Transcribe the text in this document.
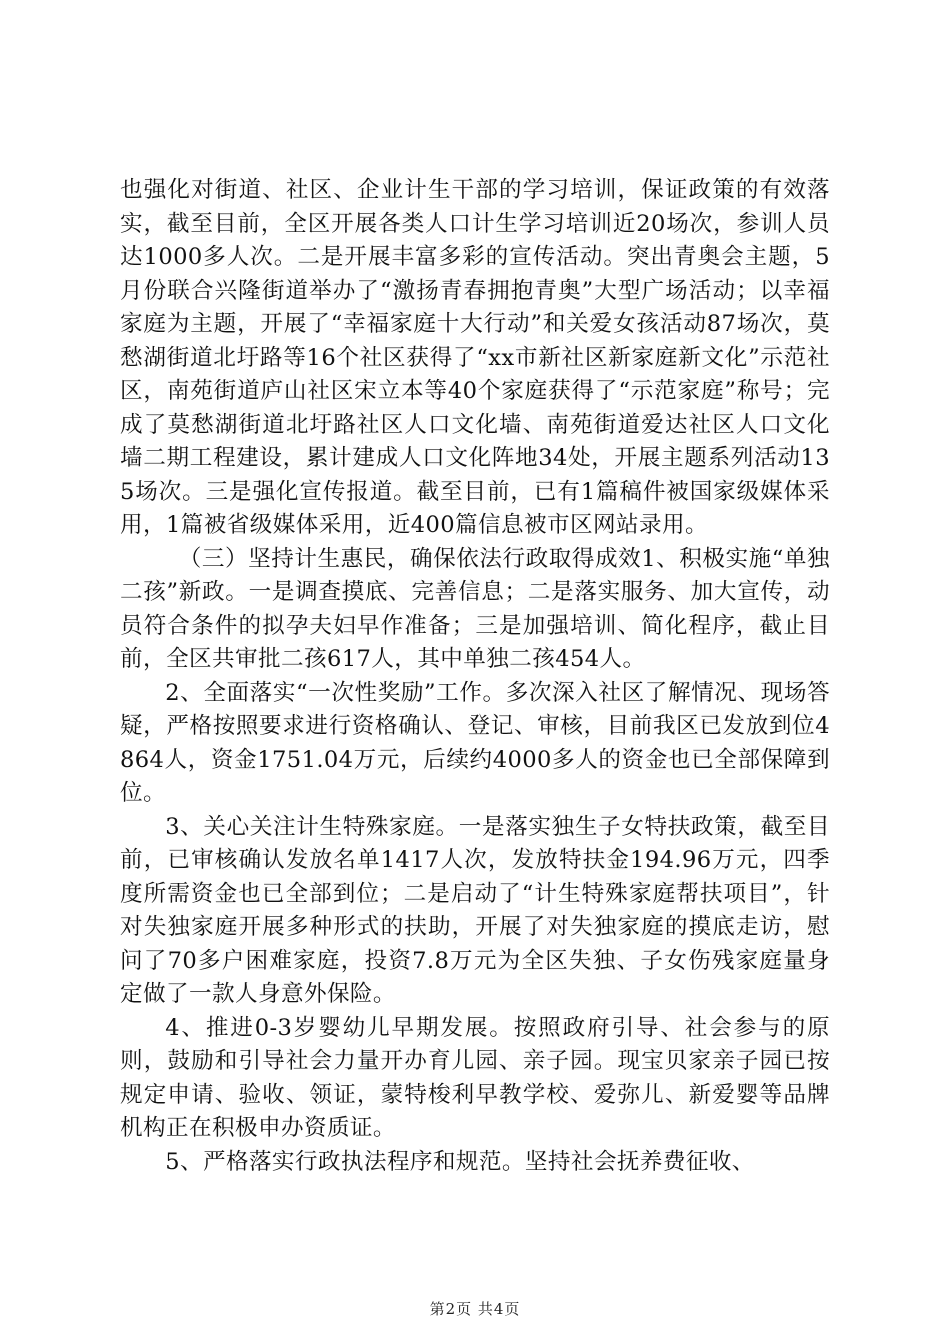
也强化对街道、社区、企业计生干部的学习培训，保证政策的有效落实，截至目前，全区开展各类人口计生学习培训近20场次，参训人员达1000多人次。二是开展丰富多彩的宣传活动。突出青奥会主题，5月份联合兴隆街道举办了“激扬青春拥抱青奥”大型广场活动；以幸福家庭为主题，开展了“幸福家庭十大行动”和关爱女孩活动87场次，莫愁湖街道北圩路等16个社区获得了“xx市新社区新家庭新文化”示范社区，南苑街道庐山社区宋立本等40个家庭获得了“示范家庭”称号；完成了莫愁湖街道北圩路社区人口文化墙、南苑街道爱达社区人口文化墙二期工程建设，累计建成人口文化阵地34处，开展主题系列活动135场次。三是强化宣传报道。截至目前，已有1篇稿件被国家级媒体采用，1篇被省级媒体采用，近400篇信息被市区网站录用。

（三）坚持计生惠民，确保依法行政取得成效1、积极实施“单独二孩”新政。一是调查摸底、完善信息；二是落实服务、加大宣传，动员符合条件的拟孕夫妇早作准备；三是加强培训、简化程序，截止目前，全区共审批二孩617人，其中单独二孩454人。

2、全面落实“一次性奖励”工作。多次深入社区了解情况、现场答疑，严格按照要求进行资格确认、登记、审核，目前我区已发放到位4864人，资金1751.04万元，后续约4000多人的资金也已全部保障到位。

3、关心关注计生特殊家庭。一是落实独生子女特扶政策，截至目前，已审核确认发放名单1417人次，发放特扶金194.96万元，四季度所需资金也已全部到位；二是启动了“计生特殊家庭帮扶项目”，针对失独家庭开展多种形式的扶助，开展了对失独家庭的摸底走访，慰问了70多户困难家庭，投资7.8万元为全区失独、子女伤残家庭量身定做了一款人身意外保险。

4、推进0-3岁婴幼儿早期发展。按照政府引导、社会参与的原则，鼓励和引导社会力量开办育儿园、亲子园。现宝贝家亲子园已按规定申请、验收、领证，蒙特梭利早教学校、爱弥儿、新爱婴等品牌机构正在积极申办资质证。

5、严格落实行政执法程序和规范。坚持社会抚养费征收、

第2页 共4页
